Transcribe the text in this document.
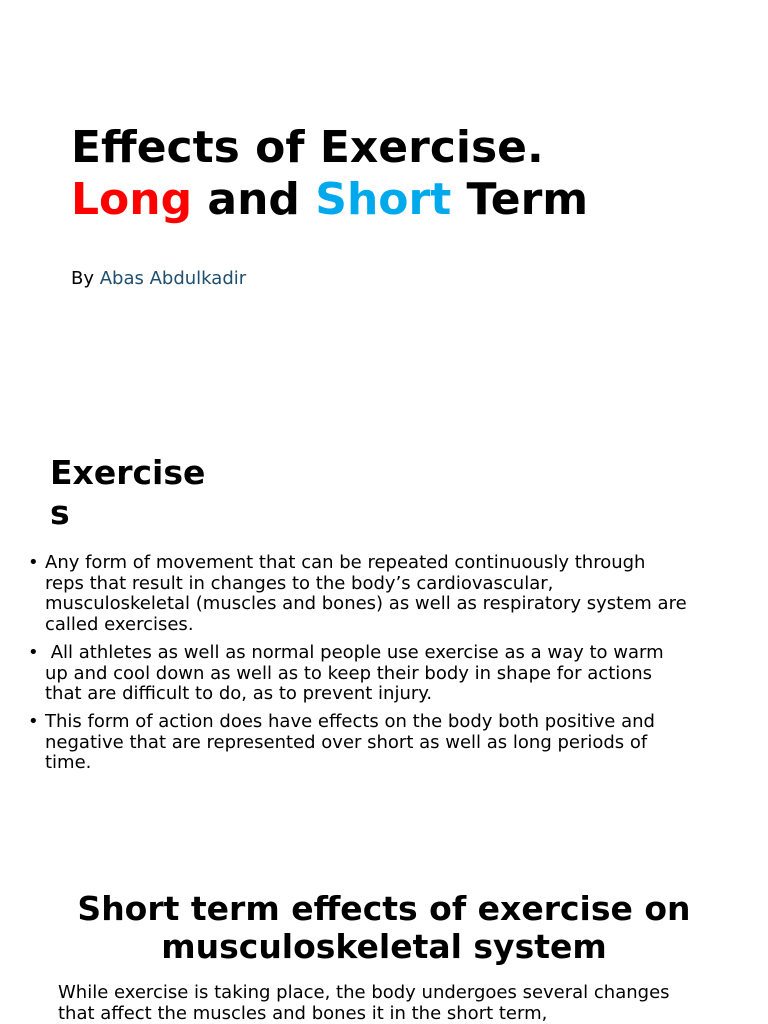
Effects of Exercise.
Long and Short Term
By Abas Abdulkadir
Exercises
• Any form of movement that can be repeated continuously through reps that result in changes to the body’s cardiovascular, musculoskeletal (muscles and bones) as well as respiratory system are called exercises.
• All athletes as well as normal people use exercise as a way to warm up and cool down as well as to keep their body in shape for actions that are difficult to do, as to prevent injury.
• This form of action does have effects on the body both positive and negative that are represented over short as well as long periods of time.
Short term effects of exercise on musculoskeletal system
While exercise is taking place, the body undergoes several changes that affect the muscles and bones it in the short term,
